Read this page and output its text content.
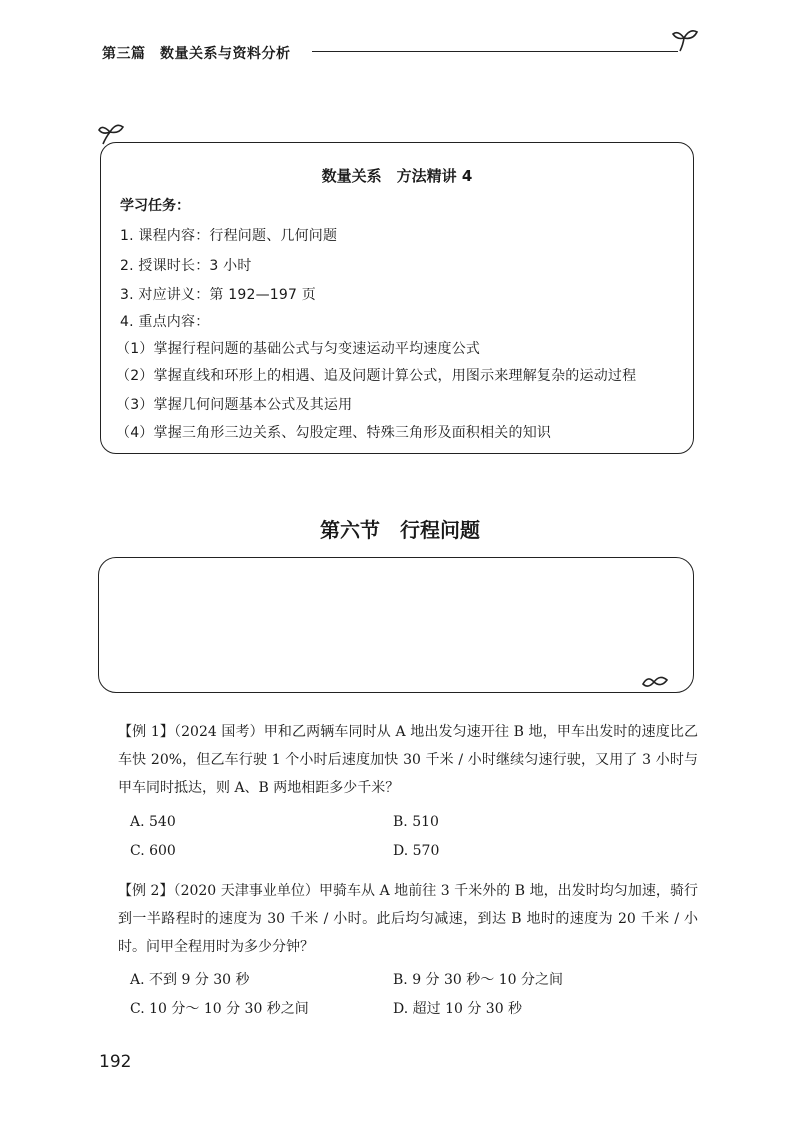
第三篇　数量关系与资料分析
数量关系　方法精讲 4
学习任务：
1. 课程内容：行程问题、几何问题
2. 授课时长：3 小时
3. 对应讲义：第 192—197 页
4. 重点内容：
（1）掌握行程问题的基础公式与匀变速运动平均速度公式
（2）掌握直线和环形上的相遇、追及问题计算公式，用图示来理解复杂的运动过程
（3）掌握几何问题基本公式及其运用
（4）掌握三角形三边关系、勾股定理、特殊三角形及面积相关的知识
第六节　行程问题
【例 1】（2024 国考）甲和乙两辆车同时从 A 地出发匀速开往 B 地，甲车出发时的速度比乙车快 20%，但乙车行驶 1 个小时后速度加快 30 千米 / 小时继续匀速行驶，又用了 3 小时与甲车同时抵达，则 A、B 两地相距多少千米？
A. 540	B. 510
C. 600	D. 570
【例 2】（2020 天津事业单位）甲骑车从 A 地前往 3 千米外的 B 地，出发时均匀加速，骑行到一半路程时的速度为 30 千米 / 小时。此后均匀减速，到达 B 地时的速度为 20 千米 / 小时。问甲全程用时为多少分钟？
A. 不到 9 分 30 秒	B. 9 分 30 秒～ 10 分之间
C. 10 分～ 10 分 30 秒之间	D. 超过 10 分 30 秒
192
